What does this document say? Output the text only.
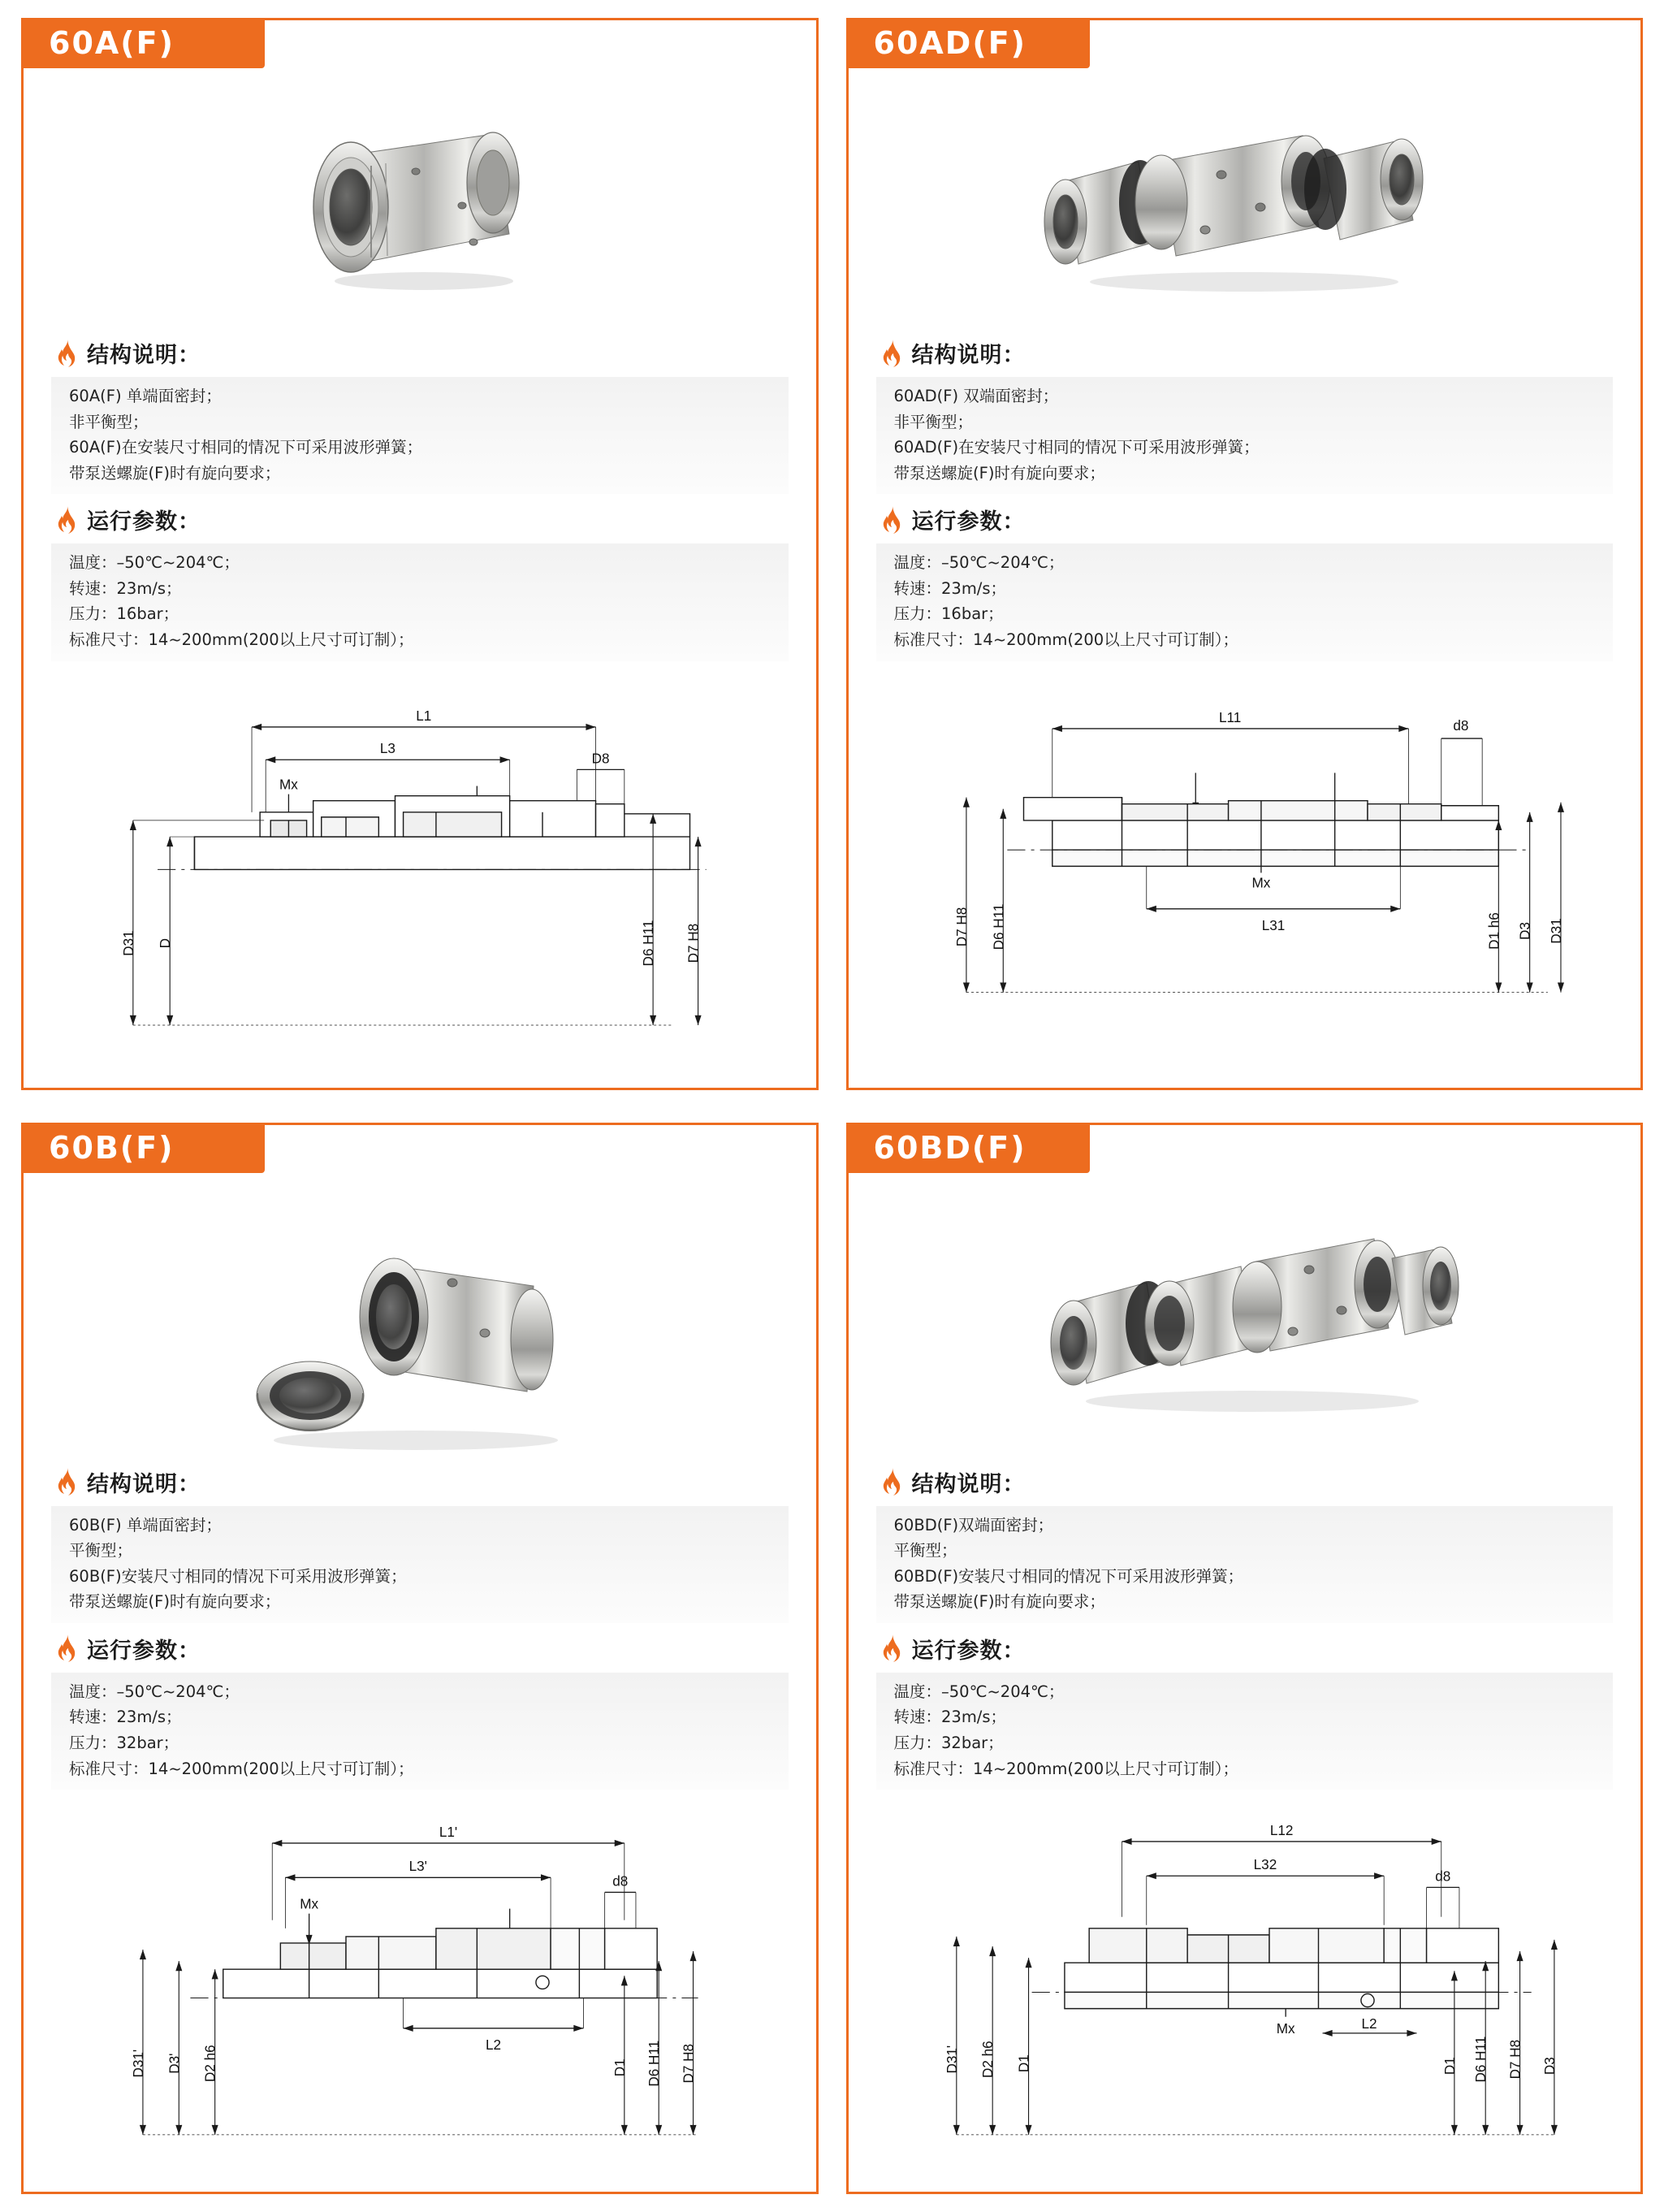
60A(F)
结构说明：
60A(F) 单端面密封；
非平衡型；
60A(F)在安装尺寸相同的情况下可采用波形弹簧；
带泵送螺旋(F)时有旋向要求；
运行参数：
温度：–50℃~204℃；
转速：23m/s；
压力：16bar；
标准尺寸：14~200mm(200以上尺寸可订制）；
L1
L3
D8
Mx
D31 D	D6 H11 D7 H8
60AD(F)
结构说明：
60AD(F) 双端面密封；
非平衡型；
60AD(F)在安装尺寸相同的情况下可采用波形弹簧；
带泵送螺旋(F)时有旋向要求；
运行参数：
温度：–50℃~204℃；
转速：23m/s；
压力：16bar；
标准尺寸：14~200mm(200以上尺寸可订制）；
L11
d8
Mx
L31
D7 H8 D6 H11	D1 h6 D3 D31
60B(F)
结构说明：
60B(F) 单端面密封；
平衡型；
60B(F)安装尺寸相同的情况下可采用波形弹簧；
带泵送螺旋(F)时有旋向要求；
运行参数：
温度：–50℃~204℃；
转速：23m/s；
压力：32bar；
标准尺寸：14~200mm(200以上尺寸可订制）；
L1'
L3'
d8
Mx
L2
D31' D3' D2 h6	D1 D6 H11 D7 H8
60BD(F)
结构说明：
60BD(F)双端面密封；
平衡型；
60BD(F)安装尺寸相同的情况下可采用波形弹簧；
带泵送螺旋(F)时有旋向要求；
运行参数：
温度：–50℃~204℃；
转速：23m/s；
压力：32bar；
标准尺寸：14~200mm(200以上尺寸可订制）；
L12
L32
d8
Mx	L2
D31' D2 h6 D1	D1 D6 H11 D7 H8 D3
